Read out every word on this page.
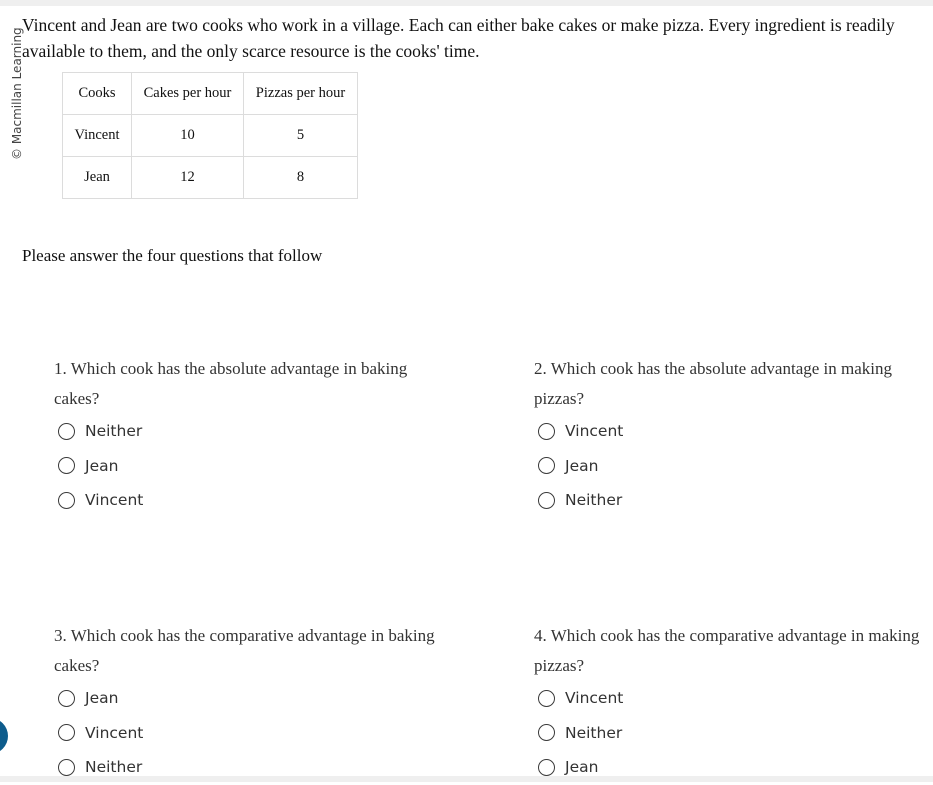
© Macmillan Learning

Vincent and Jean are two cooks who work in a village. Each can either bake cakes or make pizza. Every ingredient is readily available to them, and the only scarce resource is the cooks' time.

Cooks	Cakes per hour	Pizzas per hour
Vincent	10	5
Jean	12	8
Please answer the four questions that follow

1. Which cook has the absolute advantage in baking cakes?

Neither
Jean
Vincent

2. Which cook has the absolute advantage in making pizzas?

Vincent
Jean
Neither

3. Which cook has the comparative advantage in baking cakes?

Jean
Vincent
Neither

4. Which cook has the comparative advantage in making pizzas?

Vincent
Neither
Jean
